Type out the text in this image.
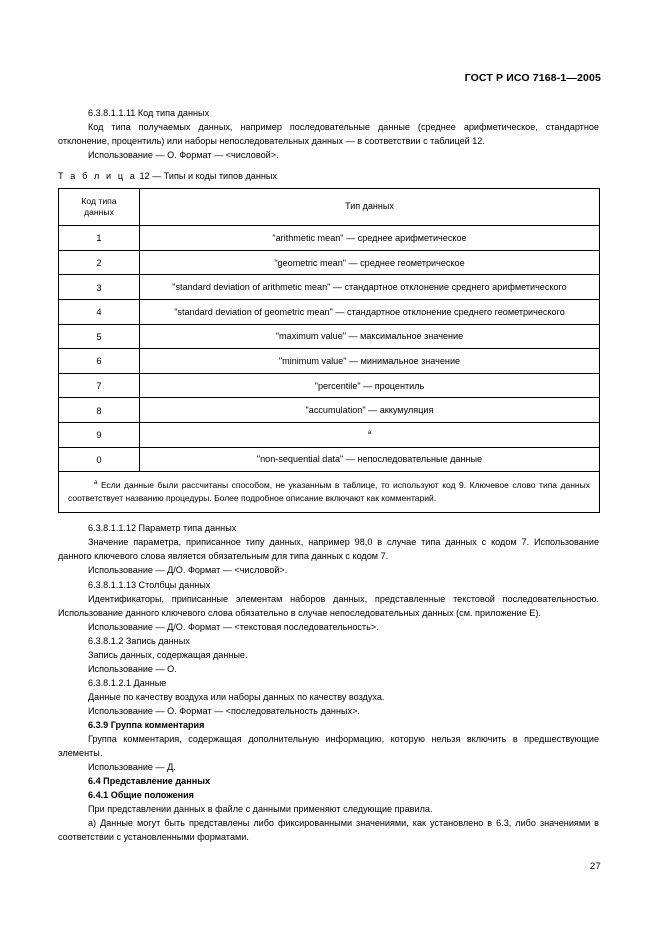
ГОСТ Р ИСО 7168-1—2005

6.3.8.1.1.11 Код типа данных

Код типа получаемых данных, например последовательные данные (среднее арифметическое, стандартное отклонение, процентиль) или наборы непоследовательных данных — в соответствии с таблицей 12.

Использование — О. Формат — <числовой>.

Т а б л и ц а 12 — Типы и коды типов данных

Код типа
данных	Тип данных
1	"arithmetic mean" — среднее арифметическое
2	"geometric mean" — среднее геометрическое
3	"standard deviation of arithmetic mean" — стандартное отклонение среднего арифметического
4	"standard deviation of geometric mean" — стандартное отклонение среднего геометрического
5	"maximum value" — максимальное значение
6	"minimum value" — минимальное значение
7	"percentile" — процентиль
8	"accumulation" — аккумуляция
9	$^а$
0	"non-sequential data" — непоследовательные данные
$^а$ Если данные были рассчитаны способом, не указанным в таблице, то используют код 9. Ключевое слово типа данных соответствует названию процедуры. Более подробное описание включают как комментарий.	

6.3.8.1.1.12 Параметр типа данных

Значение параметра, приписанное типу данных, например 98,0 в случае типа данных с кодом 7. Использование данного ключевого слова является обязательным для типа данных с кодом 7.

Использование — Д/О. Формат — <числовой>.

6.3.8.1.1.13 Столбцы данных

Идентификаторы, приписанные элементам наборов данных, представленные текстовой последовательностью. Использование данного ключевого слова обязательно в случае непоследовательных данных (см. приложение Е).

Использование — Д/О. Формат — <текстовая последовательность>.

6.3.8.1.2 Запись данных

Запись данных, содержащая данные.

Использование — О.

6.3.8.1.2.1 Данные

Данные по качеству воздуха или наборы данных по качеству воздуха.

Использование — О. Формат — <последовательность данных>.

6.3.9 Группа комментария

Группа комментария, содержащая дополнительную информацию, которую нельзя включить в предшествующие элементы.

Использование — Д.

6.4 Представление данных

6.4.1 Общие положения

При представлении данных в файле с данными применяют следующие правила.

а) Данные могут быть представлены либо фиксированными значениями, как установлено в 6.3, либо значениями в соответствии с установленными форматами.

27
